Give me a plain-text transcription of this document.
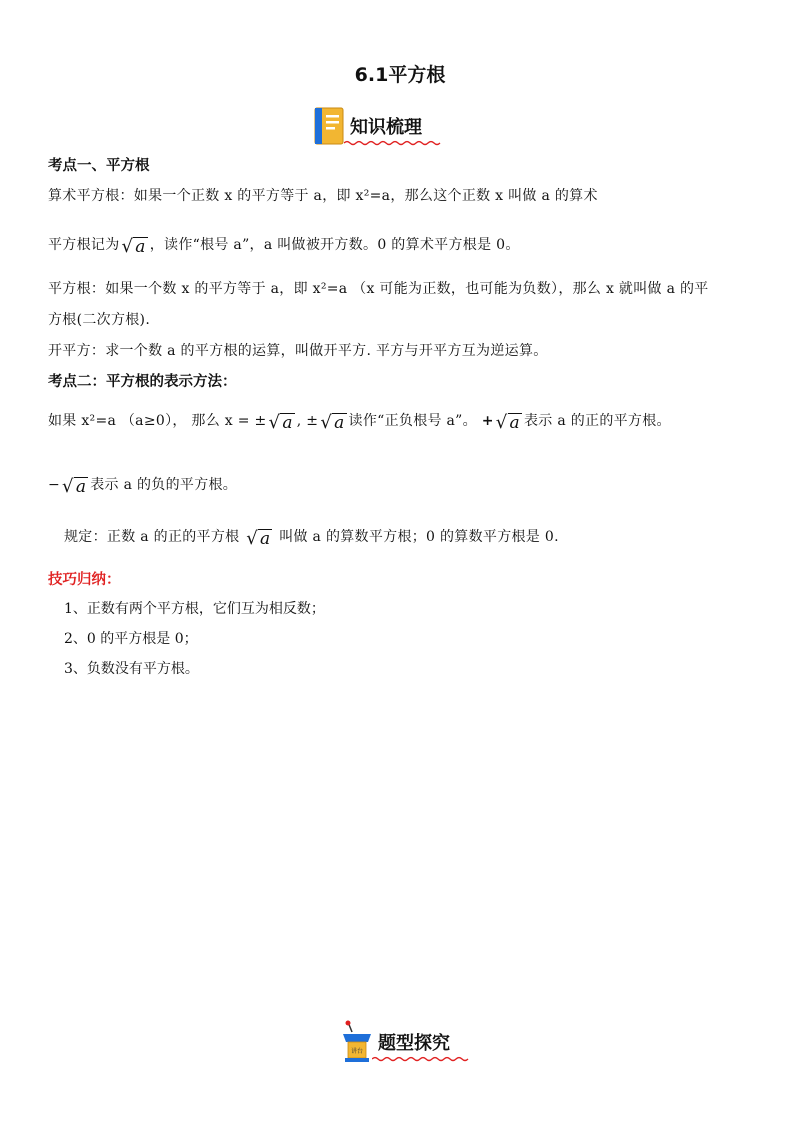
6.1平方根
知识梳理
考点一、平方根
算术平方根：如果一个正数 x 的平方等于 a，即 x²=a，那么这个正数 x 叫做 a 的算术
平方根记为 √ a ，读作“根号 a”，a 叫做被开方数。0 的算术平方根是 0。
平方根：如果一个数 x 的平方等于 a，即 x²=a （x 可能为正数，也可能为负数），那么 x 就叫做 a 的平
方根(二次方根).
开平方：求一个数 a 的平方根的运算，叫做开平方. 平方与开平方互为逆运算。
考点二：平方根的表示方法：
如果 x²=a （a≥0）， 那么 x = ± √ a , ± √ a 读作“正负根号 a”。 + √ a 表示 a 的正的平方根。
− √ a 表示 a 的负的平方根。
规定：正数 a 的正的平方根 √ a 叫做 a 的算数平方根；0 的算数平方根是 0.
技巧归纳：
1、正数有两个平方根，它们互为相反数；
2、0 的平方根是 0；
3、负数没有平方根。
讲台 题型探究
